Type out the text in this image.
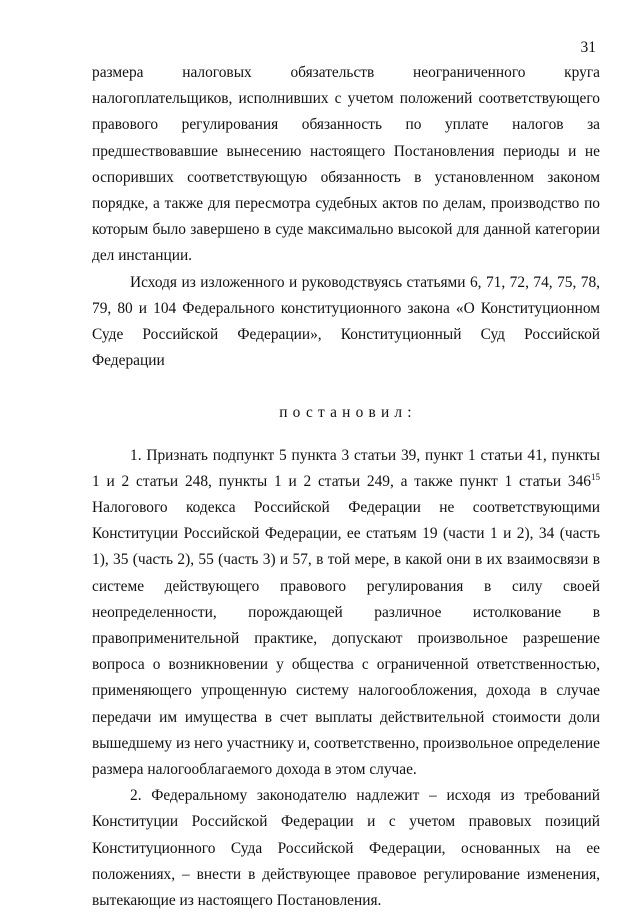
31

размера налоговых обязательств неограниченного круга налогоплательщиков, исполнивших с учетом положений соответствующего правового регулирования обязанность по уплате налогов за предшествовавшие вынесению настоящего Постановления периоды и не оспоривших соответствующую обязанность в установленном законом порядке, а также для пересмотра судебных актов по делам, производство по которым было завершено в суде максимально высокой для данной категории дел инстанции.

Исходя из изложенного и руководствуясь статьями 6, 71, 72, 74, 75, 78, 79, 80 и 104 Федерального конституционного закона «О Конституционном Суде Российской Федерации», Конституционный Суд Российской Федерации

постановил:

1. Признать подпункт 5 пункта 3 статьи 39, пункт 1 статьи 41, пункты 1 и 2 статьи 248, пункты 1 и 2 статьи 249, а также пункт 1 статьи $346^{15}$ Налогового кодекса Российской Федерации не соответствующими Конституции Российской Федерации, ее статьям 19 (части 1 и 2), 34 (часть 1), 35 (часть 2), 55 (часть 3) и 57, в той мере, в какой они в их взаимосвязи в системе действующего правового регулирования в силу своей неопределенности, порождающей различное истолкование в правоприменительной практике, допускают произвольное разрешение вопроса о возникновении у общества с ограниченной ответственностью, применяющего упрощенную систему налогообложения, дохода в случае передачи им имущества в счет выплаты действительной стоимости доли вышедшему из него участнику и, соответственно, произвольное определение размера налогооблагаемого дохода в этом случае.

2. Федеральному законодателю надлежит – исходя из требований Конституции Российской Федерации и с учетом правовых позиций Конституционного Суда Российской Федерации, основанных на ее положениях, – внести в действующее правовое регулирование изменения, вытекающие из настоящего Постановления.
